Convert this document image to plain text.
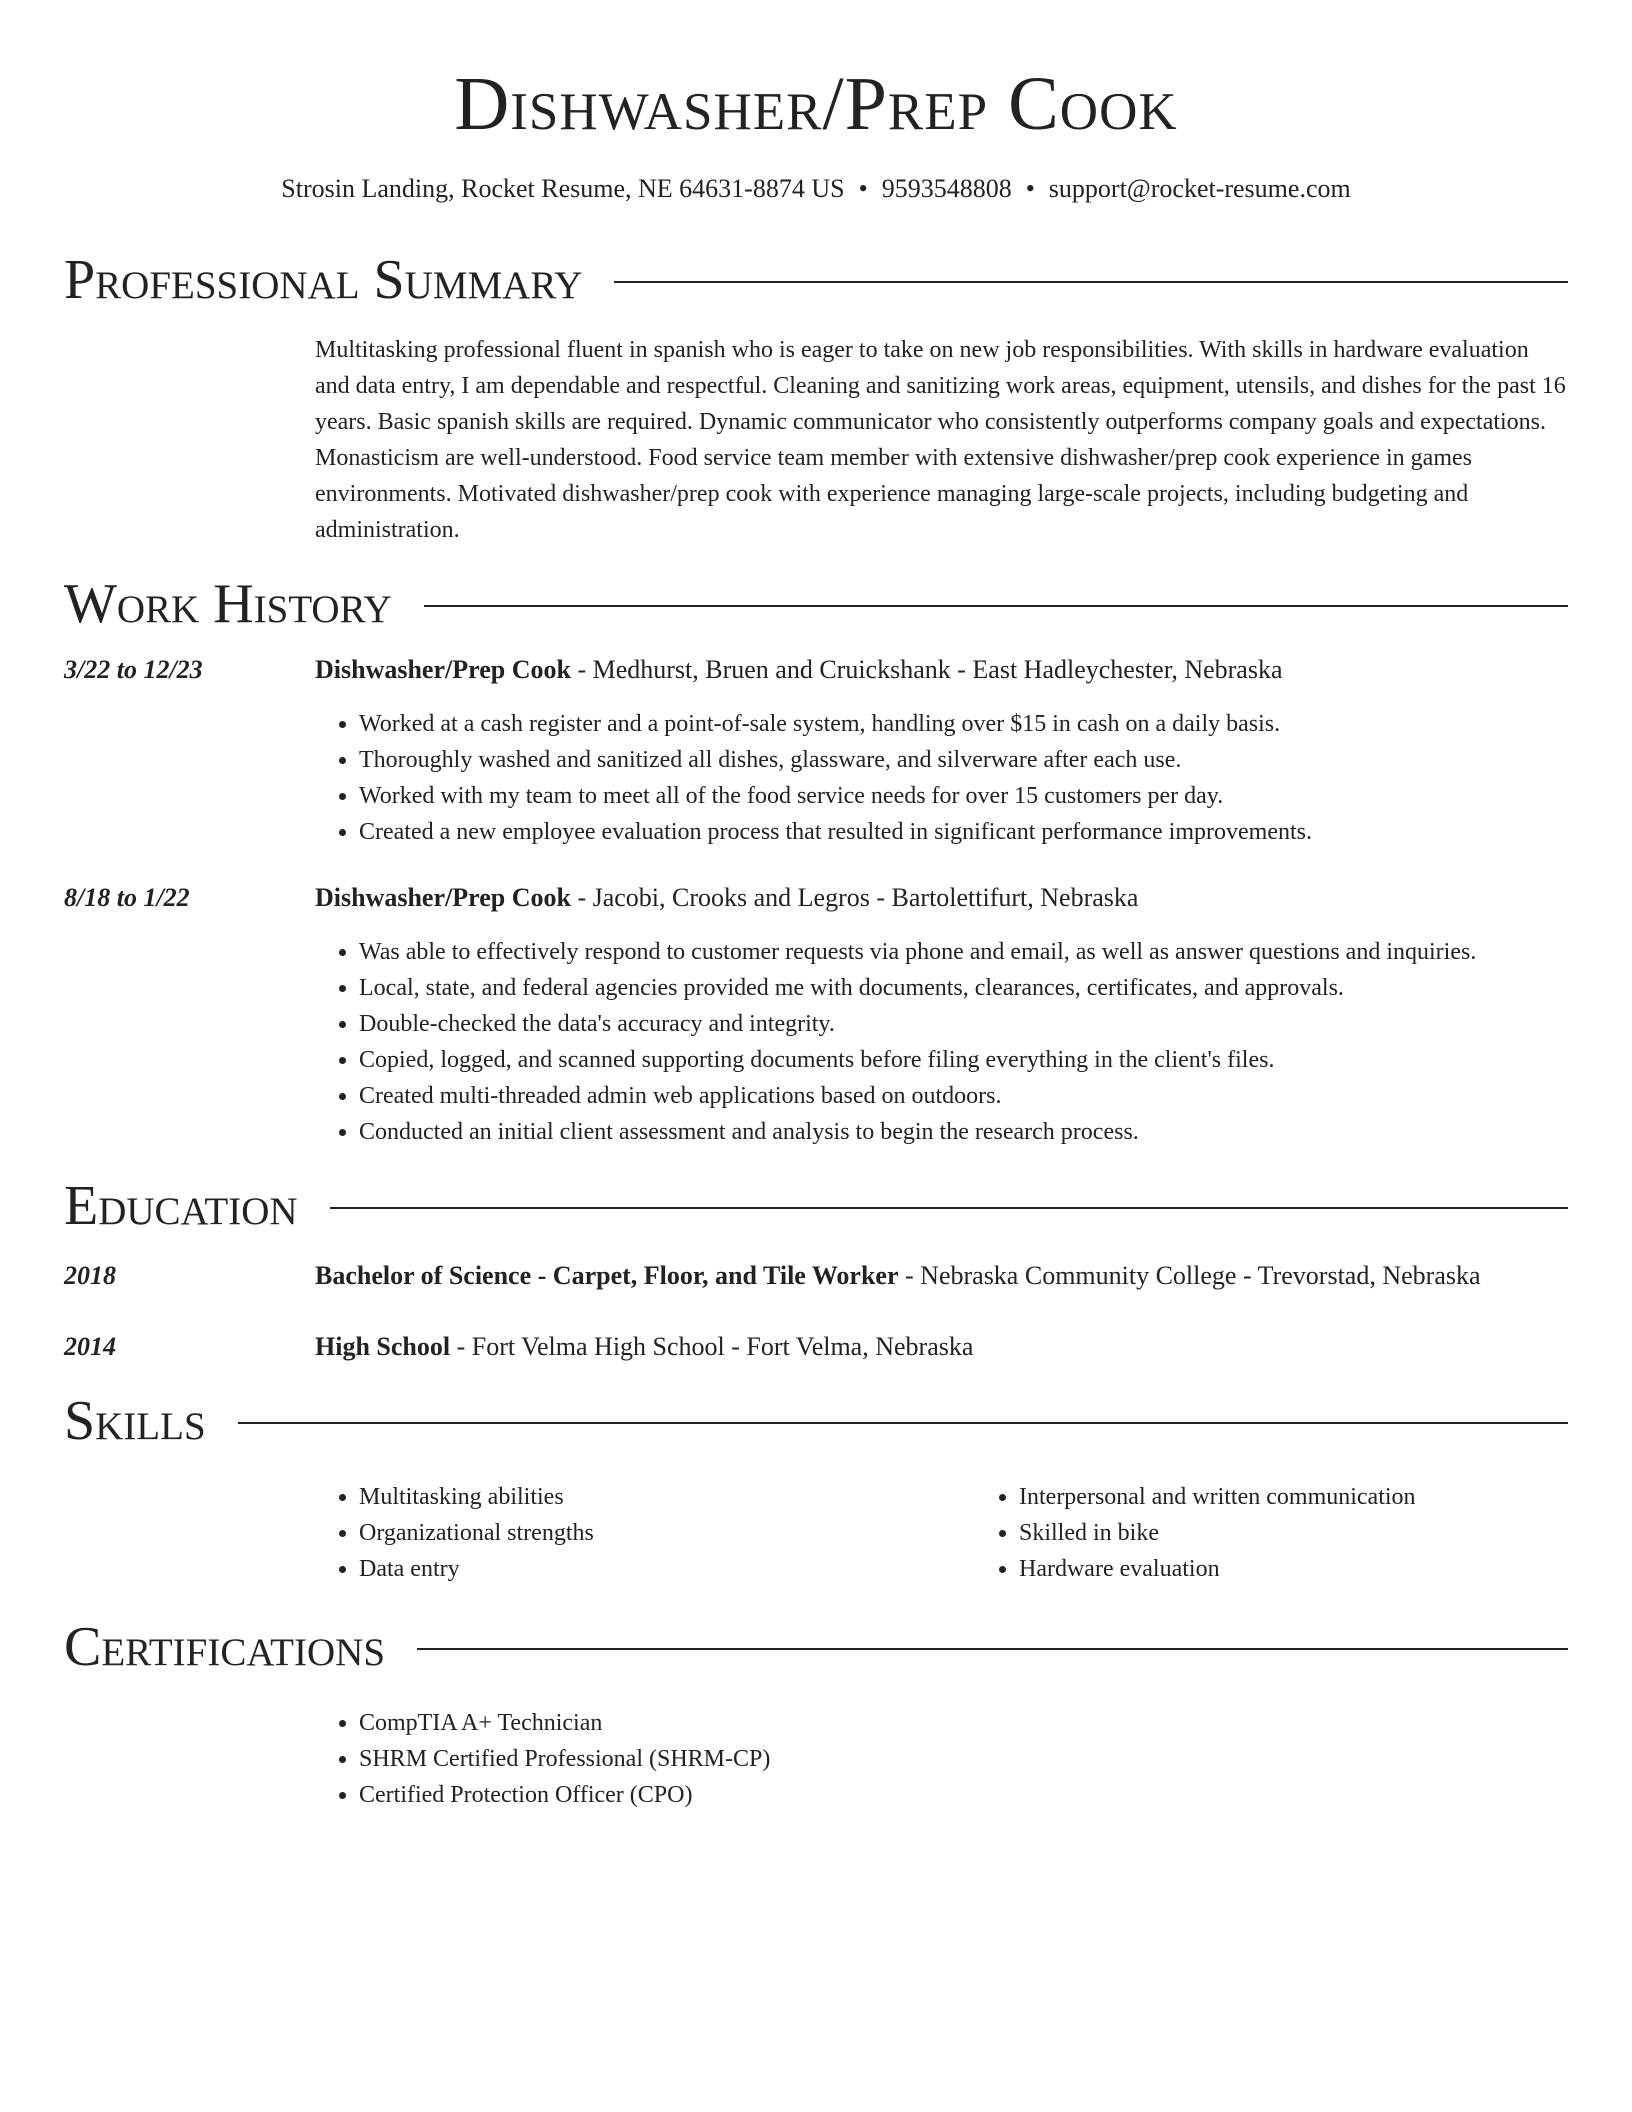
Dishwasher/Prep Cook
Strosin Landing, Rocket Resume, NE 64631-8874 US • 9593548808 • support@rocket-resume.com
Professional Summary
Multitasking professional fluent in spanish who is eager to take on new job responsibilities. With skills in hardware evaluation and data entry, I am dependable and respectful. Cleaning and sanitizing work areas, equipment, utensils, and dishes for the past 16 years. Basic spanish skills are required. Dynamic communicator who consistently outperforms company goals and expectations. Monasticism are well-understood. Food service team member with extensive dishwasher/prep cook experience in games environments. Motivated dishwasher/prep cook with experience managing large-scale projects, including budgeting and administration.
Work History
3/22 to 12/23	Dishwasher/Prep Cook - Medhurst, Bruen and Cruickshank - East Hadleychester, Nebraska
• Worked at a cash register and a point-of-sale system, handling over $15 in cash on a daily basis.
• Thoroughly washed and sanitized all dishes, glassware, and silverware after each use.
• Worked with my team to meet all of the food service needs for over 15 customers per day.
• Created a new employee evaluation process that resulted in significant performance improvements.
8/18 to 1/22	Dishwasher/Prep Cook - Jacobi, Crooks and Legros - Bartolettifurt, Nebraska
• Was able to effectively respond to customer requests via phone and email, as well as answer questions and inquiries.
• Local, state, and federal agencies provided me with documents, clearances, certificates, and approvals.
• Double-checked the data's accuracy and integrity.
• Copied, logged, and scanned supporting documents before filing everything in the client's files.
• Created multi-threaded admin web applications based on outdoors.
• Conducted an initial client assessment and analysis to begin the research process.
Education
2018	Bachelor of Science - Carpet, Floor, and Tile Worker - Nebraska Community College - Trevorstad, Nebraska
2014	High School - Fort Velma High School - Fort Velma, Nebraska
Skills
• Multitasking abilities
• Organizational strengths
• Data entry
• Interpersonal and written communication
• Skilled in bike
• Hardware evaluation
Certifications
• CompTIA A+ Technician
• SHRM Certified Professional (SHRM-CP)
• Certified Protection Officer (CPO)
